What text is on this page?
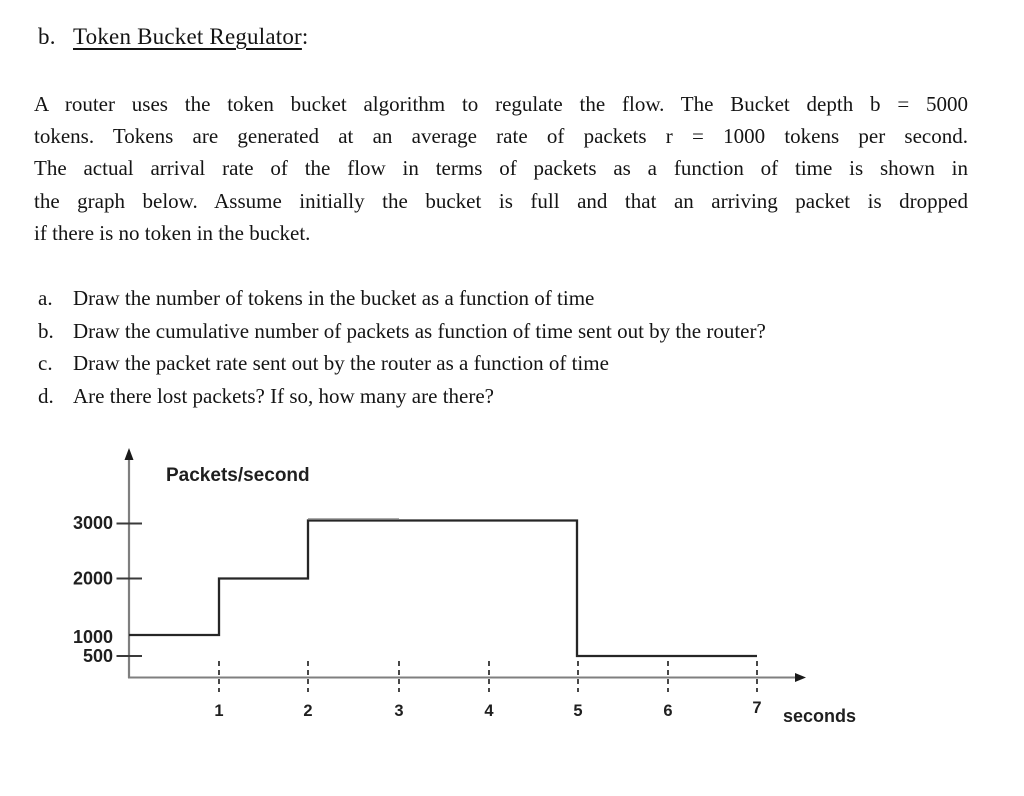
b. Token Bucket Regulator:
A router uses the token bucket algorithm to regulate the flow. The Bucket depth b = 5000
tokens. Tokens are generated at an average rate of packets r = 1000 tokens per second.
The actual arrival rate of the flow in terms of packets as a function of time is shown in
the graph below. Assume initially the bucket is full and that an arriving packet is dropped
if there is no token in the bucket.
a. Draw the number of tokens in the bucket as a function of time
b. Draw the cumulative number of packets as function of time sent out by the router?
c. Draw the packet rate sent out by the router as a function of time
d. Are there lost packets? If so, how many are there?
Packets/second
3000
2000
1000
500
1	2	3	4	5	6	7 seconds
